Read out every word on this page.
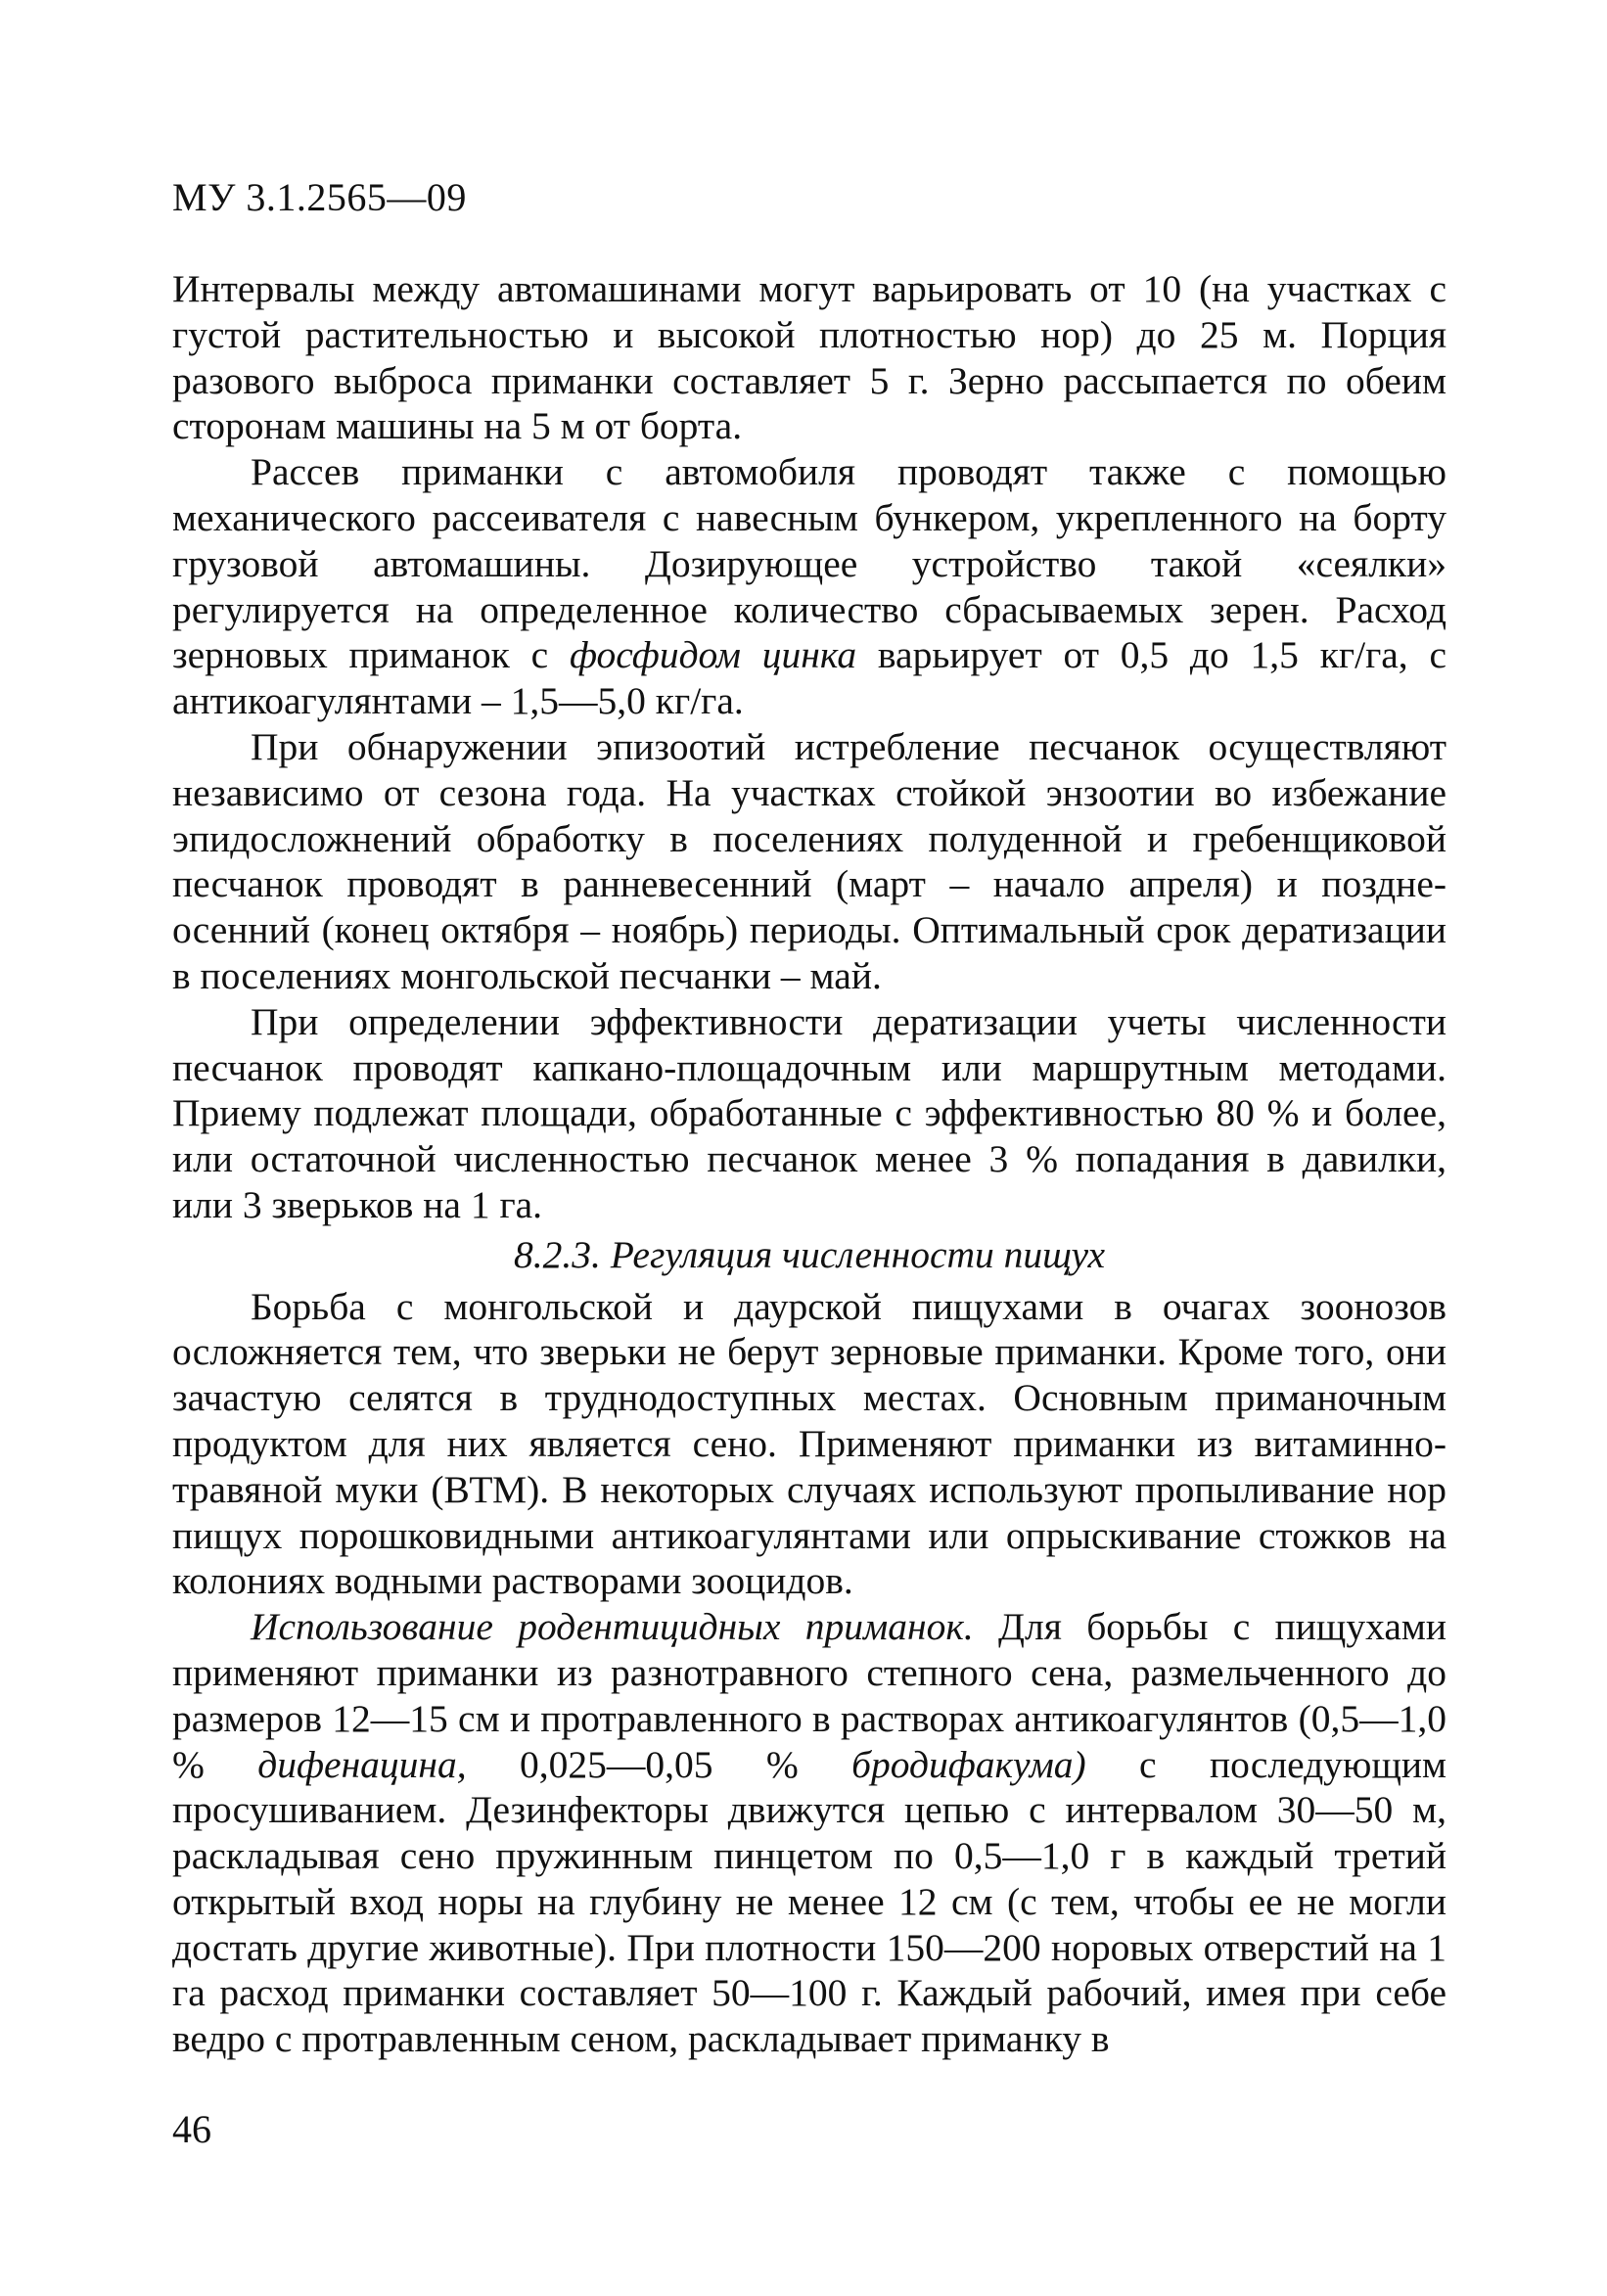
МУ 3.1.2565—09

Интервалы между автомашинами могут варьировать от 10 (на участках с густой растительностью и высокой плотностью нор) до 25 м. Порция разового выброса приманки составляет 5 г. Зерно рассыпается по обеим сторонам машины на 5 м от борта.

Рассев приманки с автомобиля проводят также с помощью механического рассеивателя с навесным бункером, укрепленного на борту грузовой автомашины. Дозирующее устройство такой «сеялки» регулируется на определенное количество сбрасываемых зерен. Расход зерновых приманок с фосфидом цинка варьирует от 0,5 до 1,5 кг/га, с антикоагулянтами – 1,5—5,0 кг/га.

При обнаружении эпизоотий истребление песчанок осуществляют независимо от сезона года. На участках стойкой энзоотии во избежание эпидосложнений обработку в поселениях полуденной и гребенщиковой песчанок проводят в ранневесенний (март – начало апреля) и поздне-осенний (конец октября – ноябрь) периоды. Оптимальный срок дератизации в поселениях монгольской песчанки – май.

При определении эффективности дератизации учеты численности песчанок проводят капкано-площадочным или маршрутным методами. Приему подлежат площади, обработанные с эффективностью 80 % и более, или остаточной численностью песчанок менее 3 % попадания в давилки, или 3 зверьков на 1 га.

8.2.3. Регуляция численности пищух

Борьба с монгольской и даурской пищухами в очагах зоонозов осложняется тем, что зверьки не берут зерновые приманки. Кроме того, они зачастую селятся в труднодоступных местах. Основным приманочным продуктом для них является сено. Применяют приманки из витаминно-травяной муки (ВТМ). В некоторых случаях используют пропыливание нор пищух порошковидными антикоагулянтами или опрыскивание стожков на колониях водными растворами зооцидов.

Использование родентицидных приманок. Для борьбы с пищухами применяют приманки из разнотравного степного сена, размельченного до размеров 12—15 см и протравленного в растворах антикоагулянтов (0,5—1,0 % дифенацина, 0,025—0,05 % бродифакума) с последующим просушиванием. Дезинфекторы движутся цепью с интервалом 30—50 м, раскладывая сено пружинным пинцетом по 0,5—1,0 г в каждый третий открытый вход норы на глубину не менее 12 см (с тем, чтобы ее не могли достать другие животные). При плотности 150—200 норовых отверстий на 1 га расход приманки составляет 50—100 г. Каждый рабочий, имея при себе ведро с протравленным сеном, раскладывает приманку в

46
